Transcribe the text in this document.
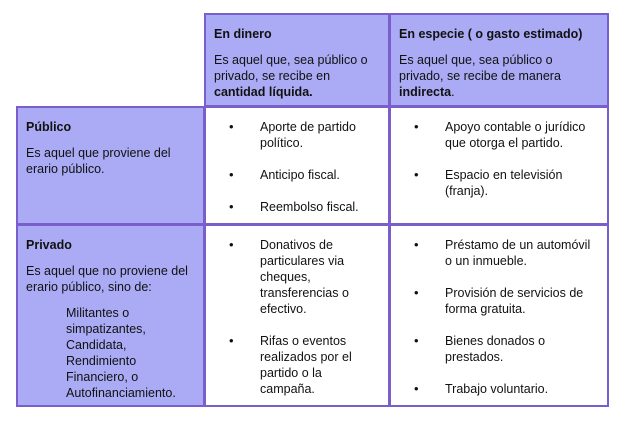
En dinero

Es aquel que, sea público o privado, se recibe en cantidad líquida.

En especie ( o gasto estimado)

Es aquel que, sea público o privado, se recibe de manera indirecta.

Público

Es aquel que proviene del erario público.

• Aporte de partido político.
• Anticipo fiscal.
• Reembolso fiscal.
• Apoyo contable o jurídico que otorga el partido.
• Espacio en televisión (franja).

Privado

Es aquel que no proviene del erario público, sino de:

Militantes o
simpatizantes,
Candidata,
Rendimiento
Financiero, o
Autofinanciamiento.
• Donativos de particulares via cheques, transferencias o efectivo.
• Rifas o eventos realizados por el partido o la campaña.
• Préstamo de un automóvil o un inmueble.
• Provisión de servicios de forma gratuita.
• Bienes donados o prestados.
• Trabajo voluntario.
